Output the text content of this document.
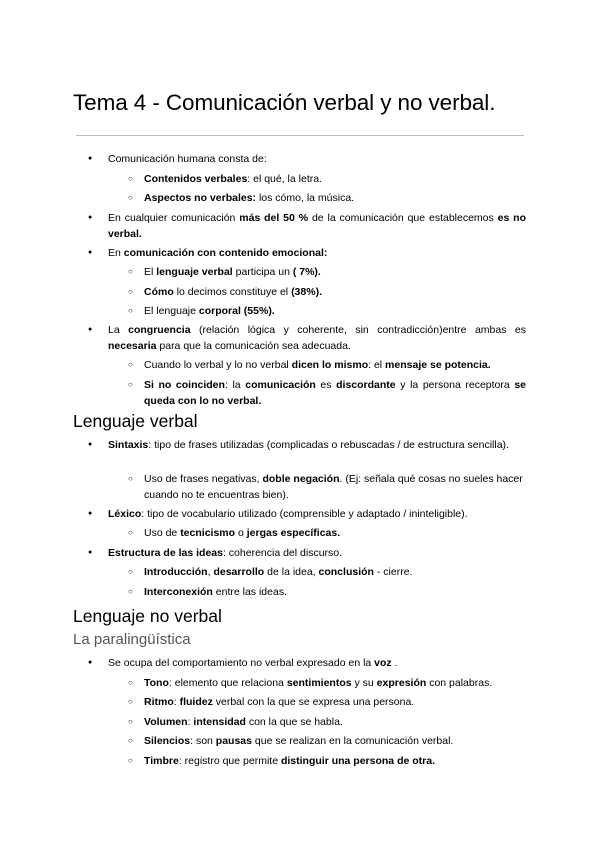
Tema 4 - Comunicación verbal y no verbal.

● Comunicación humana consta de:

○ Contenidos verbales: el qué, la letra.

○ Aspectos no verbales: los cómo, la música.

● En cualquier comunicación más del 50 % de la comunicación que establecemos es no verbal.

● En comunicación con contenido emocional:

○ El lenguaje verbal participa un ( 7%).

○ Cómo lo decimos constituye el (38%).

○ El lenguaje corporal (55%).

● La congruencia (relación lógica y coherente, sin contradicción)entre ambas es necesaria para que la comunicación sea adecuada.

○ Cuando lo verbal y lo no verbal dicen lo mismo: el mensaje se potencia.

○ Si no coinciden: la comunicación es discordante y la persona receptora se queda con lo no verbal.

Lenguaje verbal

● Sintaxis: tipo de frases utilizadas (complicadas o rebuscadas / de estructura sencilla).

○ Uso de frases negativas, doble negación. (Ej: señala qué cosas no sueles hacer cuando no te encuentras bien).

● Léxico: tipo de vocabulario utilizado (comprensible y adaptado / ininteligible).

○ Uso de tecnicismo o jergas específicas.

● Estructura de las ideas: coherencia del discurso.

○ Introducción, desarrollo de la idea, conclusión - cierre.

○ Interconexión entre las ideas.

Lenguaje no verbal
La paralingüística

● Se ocupa del comportamiento no verbal expresado en la voz .

○ Tono: elemento que relaciona sentimientos y su expresión con palabras.

○ Ritmo: fluidez verbal con la que se expresa una persona.

○ Volumen: intensidad con la que se habla.

○ Silencios: son pausas que se realizan en la comunicación verbal.

○ Timbre: registro que permite distinguir una persona de otra.
